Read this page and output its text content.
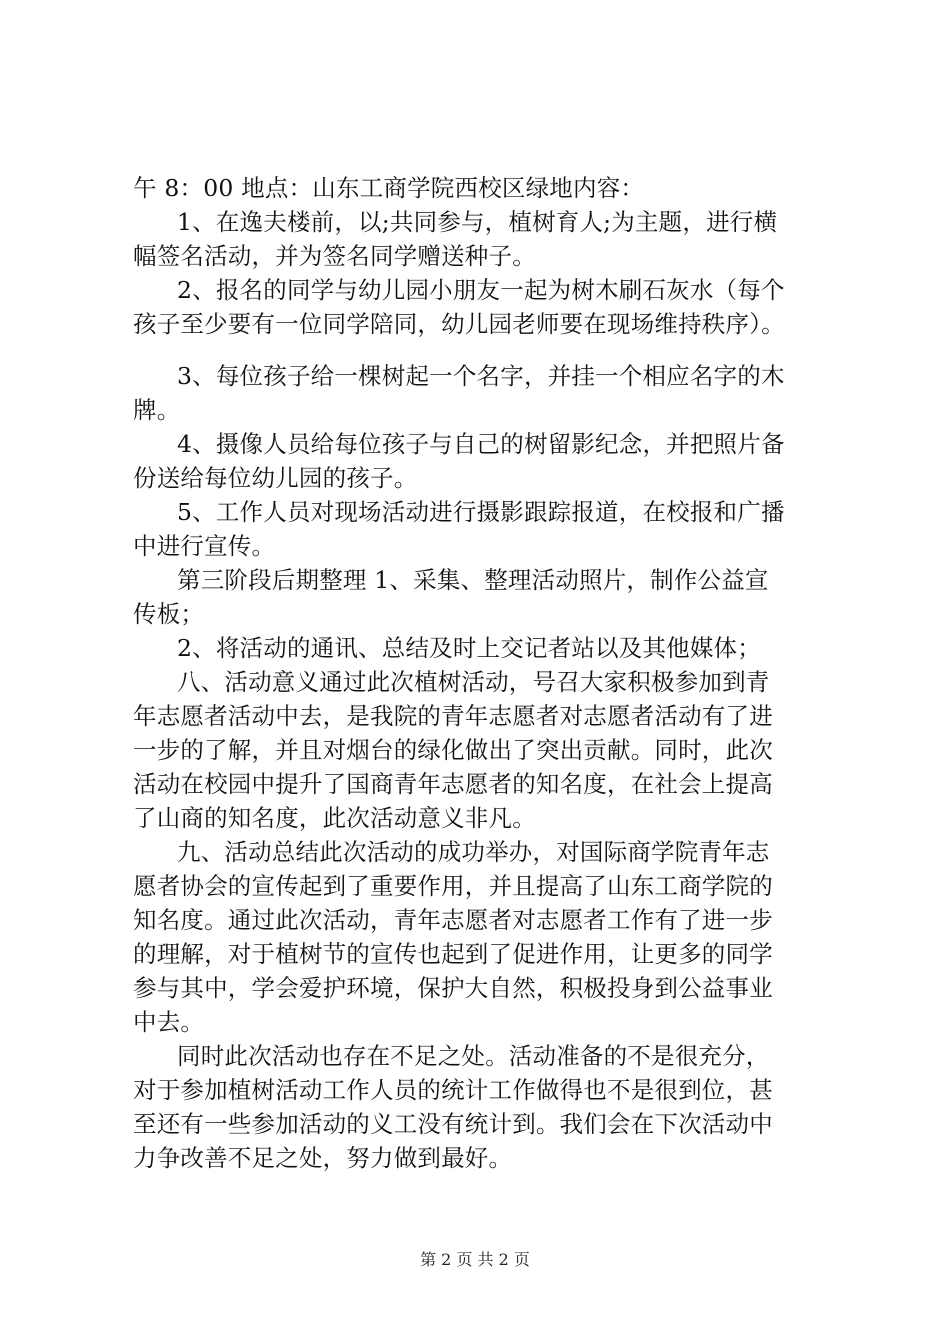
午 8：00 地点：山东工商学院西校区绿地内容：
1、在逸夫楼前，以;共同参与，植树育人;为主题，进行横
幅签名活动，并为签名同学赠送种子。
2、报名的同学与幼儿园小朋友一起为树木刷石灰水（每个
孩子至少要有一位同学陪同，幼儿园老师要在现场维持秩序）。
3、每位孩子给一棵树起一个名字，并挂一个相应名字的木
牌。
4、摄像人员给每位孩子与自己的树留影纪念，并把照片备
份送给每位幼儿园的孩子。
5、工作人员对现场活动进行摄影跟踪报道，在校报和广播
中进行宣传。
第三阶段后期整理 1、采集、整理活动照片，制作公益宣
传板；
2、将活动的通讯、总结及时上交记者站以及其他媒体；
八、活动意义通过此次植树活动，号召大家积极参加到青
年志愿者活动中去，是我院的青年志愿者对志愿者活动有了进
一步的了解，并且对烟台的绿化做出了突出贡献。同时，此次
活动在校园中提升了国商青年志愿者的知名度，在社会上提高
了山商的知名度，此次活动意义非凡。
九、活动总结此次活动的成功举办，对国际商学院青年志
愿者协会的宣传起到了重要作用，并且提高了山东工商学院的
知名度。通过此次活动，青年志愿者对志愿者工作有了进一步
的理解，对于植树节的宣传也起到了促进作用，让更多的同学
参与其中，学会爱护环境，保护大自然，积极投身到公益事业
中去。
同时此次活动也存在不足之处。活动准备的不是很充分，
对于参加植树活动工作人员的统计工作做得也不是很到位，甚
至还有一些参加活动的义工没有统计到。我们会在下次活动中
力争改善不足之处，努力做到最好。
第 2 页 共 2 页
